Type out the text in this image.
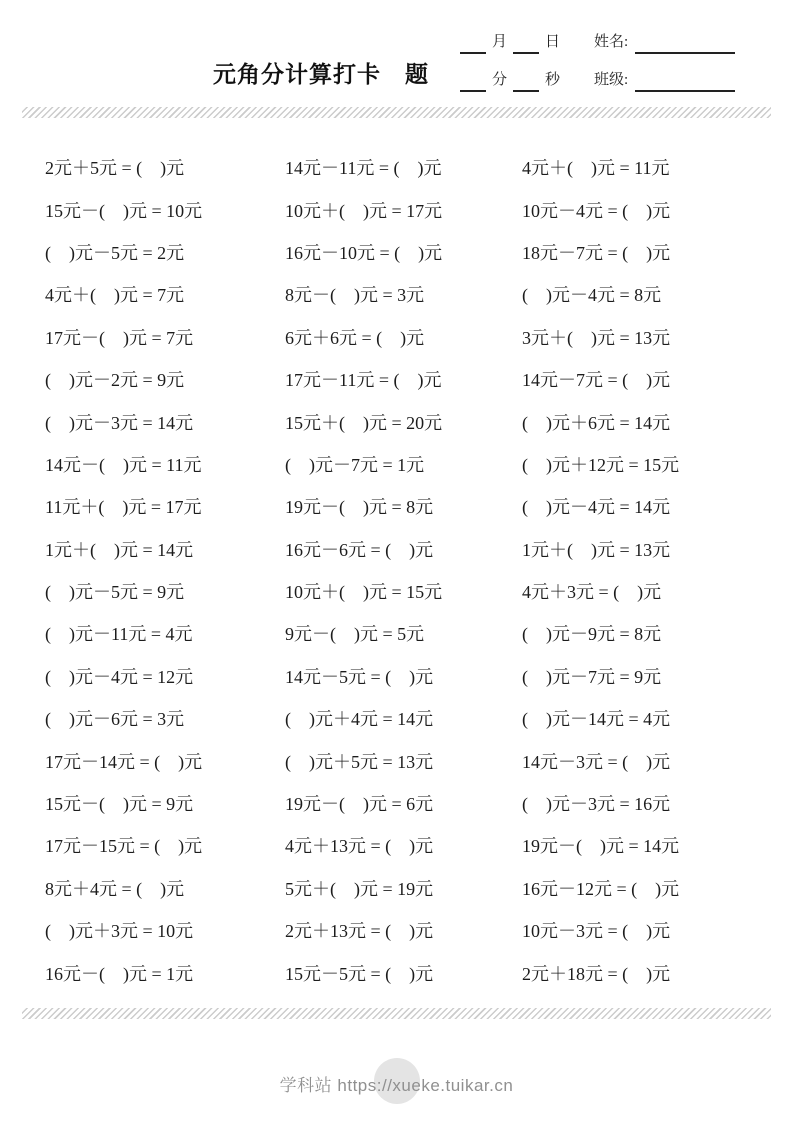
元角分计算打卡 题
月	日 姓名:
分	秒 班级:
2元＋5元 = (　)元	14元－11元 = (　)元	4元＋(　)元 = 11元
15元－(　)元 = 10元	10元＋(　)元 = 17元	10元－4元 = (　)元
(　)元－5元 = 2元	16元－10元 = (　)元	18元－7元 = (　)元
4元＋(　)元 = 7元	8元－(　)元 = 3元	(　)元－4元 = 8元
17元－(　)元 = 7元	6元＋6元 = (　)元	3元＋(　)元 = 13元
(　)元－2元 = 9元	17元－11元 = (　)元	14元－7元 = (　)元
(　)元－3元 = 14元	15元＋(　)元 = 20元	(　)元＋6元 = 14元
14元－(　)元 = 11元	(　)元－7元 = 1元	(　)元＋12元 = 15元
11元＋(　)元 = 17元	19元－(　)元 = 8元	(　)元－4元 = 14元
1元＋(　)元 = 14元	16元－6元 = (　)元	1元＋(　)元 = 13元
(　)元－5元 = 9元	10元＋(　)元 = 15元	4元＋3元 = (　)元
(　)元－11元 = 4元	9元－(　)元 = 5元	(　)元－9元 = 8元
(　)元－4元 = 12元	14元－5元 = (　)元	(　)元－7元 = 9元
(　)元－6元 = 3元	(　)元＋4元 = 14元	(　)元－14元 = 4元
17元－14元 = (　)元	(　)元＋5元 = 13元	14元－3元 = (　)元
15元－(　)元 = 9元	19元－(　)元 = 6元	(　)元－3元 = 16元
17元－15元 = (　)元	4元＋13元 = (　)元	19元－(　)元 = 14元
8元＋4元 = (　)元	5元＋(　)元 = 19元	16元－12元 = (　)元
(　)元＋3元 = 10元	2元＋13元 = (　)元	10元－3元 = (　)元
16元－(　)元 = 1元	15元－5元 = (　)元	2元＋18元 = (　)元
学科站 https://xueke.tuikar.cn
